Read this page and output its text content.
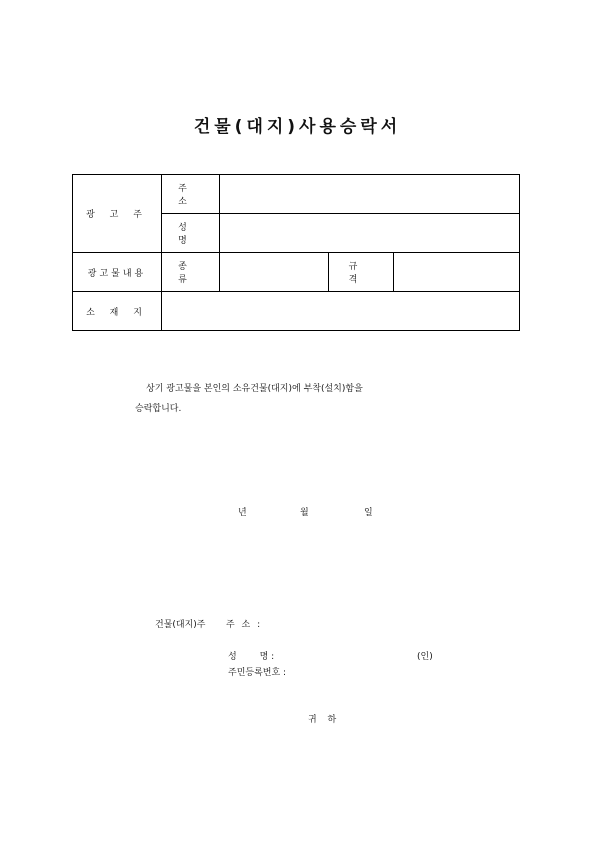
건물(대지)사용승락서
광 고 주	주 소			
	성 명			
광고물내용	종 류		규 격	
소 재 지				
상기 광고물을 본인의 소유건물(대지)에 부착(설치)함을
승락합니다.
년	월	일
건물(대지)주 주 소 :
성        명 :	(인)
주민등록번호 :
귀 하
